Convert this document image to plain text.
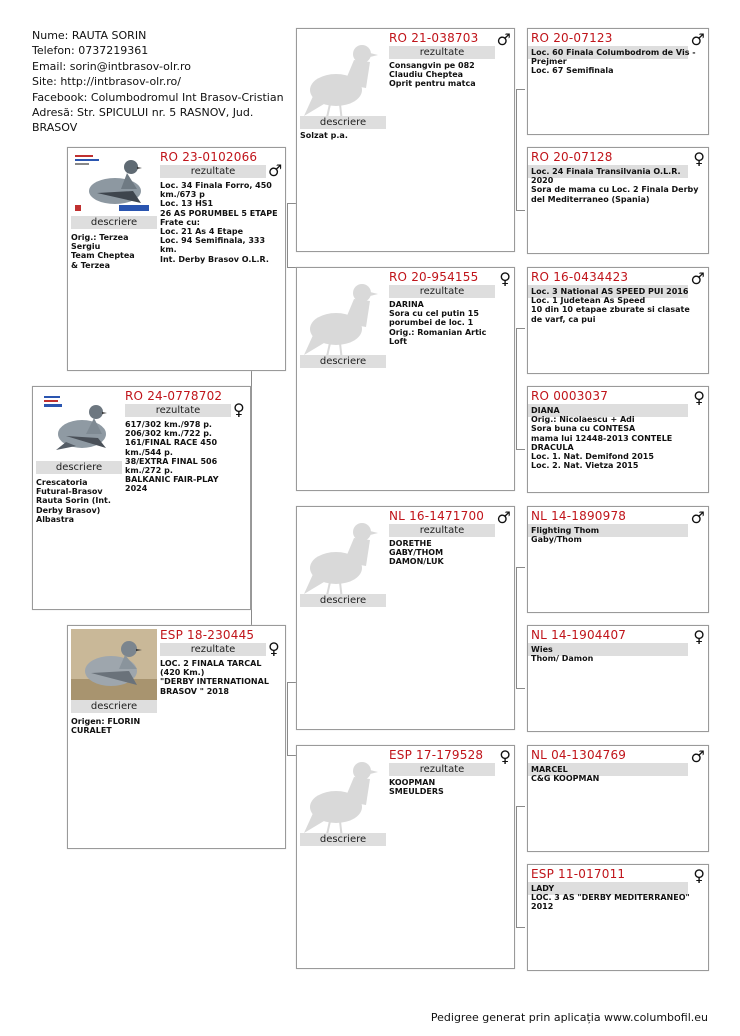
Nume: RAUTA SORIN
Telefon: 0737219361
Email: sorin@intbrasov-olr.ro
Site: http://intbrasov-olr.ro/
Facebook: Columbodromul Int Brasov-Cristian
Adresă: Str. SPICULUI nr. 5 RASNOV, Jud. BRASOV
descriere
RO 24-0778702
rezultate	♀
617/302 km./978 p.
206/302 km./722 p.
161/FINAL RACE 450 km./544 p.
38/EXTRA FINAL 506 km./272 p.
BALKANIC FAIR-PLAY 2024
Crescatoria Futural-Brasov Rauta Sorin (Int. Derby Brasov) Albastra
descriere
RO 23-0102066
rezultate	♂
Loc. 34 Finala Forro, 450 km./673 p
Loc. 13 HS1
26 AS PORUMBEL 5 ETAPE
Frate cu:
Loc. 21 As 4 Etape
Loc. 94 Semifinala, 333 km.
Int. Derby Brasov O.L.R.
Orig.: Terzea Sergiu
Team Cheptea
& Terzea
descriere
ESP 18-230445
rezultate	♀
LOC. 2 FINALA TARCAL (420 Km.)
"DERBY INTERNATIONAL BRASOV " 2018
Origen: FLORIN CURALET
descriere
Solzat p.a.
RO 21-038703 ♂
rezultate
Consangvin pe 082
Claudiu Cheptea
Oprit pentru matca
descriere
RO 20-954155 ♀
rezultate
DARINA
Sora cu cel putin 15 porumbei de loc. 1
Orig.: Romanian Artic Loft
descriere
NL 16-1471700 ♂
rezultate
DORETHE
GABY/THOM
DAMON/LUK
descriere
ESP 17-179528 ♀
rezultate
KOOPMAN
SMEULDERS
RO 20-07123	♂
Loc. 60 Finala Columbodrom de Vis - Prejmer
Loc. 67 Semifinala
RO 20-07128	♀
Loc. 24 Finala Transilvania O.L.R. 2020
Sora de mama cu Loc. 2 Finala Derby del Mediterraneo (Spania)
RO 16-0434423	♂
Loc. 3 National AS SPEED PUI 2016
Loc. 1 Judetean As Speed
10 din 10 etapae zburate si clasate de varf, ca pui
RO 0003037	♀
DIANA
Orig.: Nicolaescu + Adi
Sora buna cu CONTESA
mama lui 12448-2013 CONTELE DRACULA
Loc. 1. Nat. Demifond 2015
Loc. 2. Nat. Vietza 2015
NL 14-1890978	♂
Flighting Thom
Gaby/Thom
NL 14-1904407	♀
Wies
Thom/ Damon
NL 04-1304769	♂
MARCEL
C&G KOOPMAN
ESP 11-017011	♀
LADY
LOC. 3 AS "DERBY MEDITERRANEO" 2012
Pedigree generat prin aplicația www.columbofil.eu
